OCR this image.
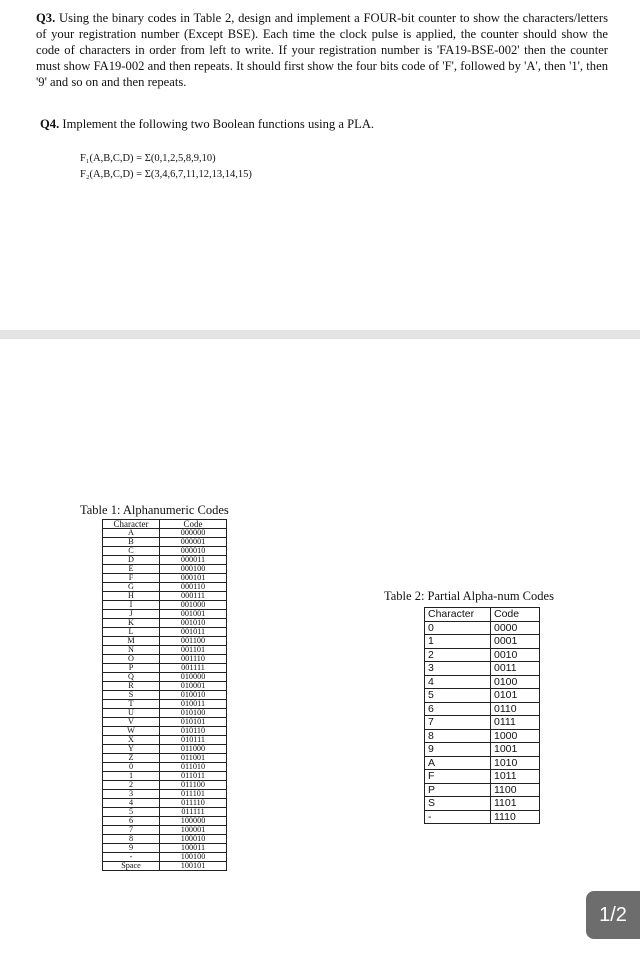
Q3. Using the binary codes in Table 2, design and implement a FOUR-bit counter to show the characters/letters of your registration number (Except BSE). Each time the clock pulse is applied, the counter should show the code of characters in order from left to write. If your registration number is 'FA19-BSE-002' then the counter must show FA19-002 and then repeats. It should first show the four bits code of 'F', followed by 'A', then '1', then '9' and so on and then repeats.
Q4. Implement the following two Boolean functions using a PLA.
F₁(A,B,C,D) = Σ(0,1,2,5,8,9,10)
F₂(A,B,C,D) = Σ(3,4,6,7,11,12,13,14,15)
Table 1: Alphanumeric Codes
Character	Code
A	000000
B	000001
C	000010
D	000011
E	000100
F	000101
G	000110
H	000111
I	001000
J	001001
K	001010
L	001011
M	001100
N	001101
O	001110
P	001111
Q	010000
R	010001
S	010010
T	010011
U	010100
V	010101
W	010110
X	010111
Y	011000
Z	011001
0	011010
1	011011
2	011100
3	011101
4	011110
5	011111
6	100000
7	100001
8	100010
9	100011
-	100100
Space	100101
Table 2: Partial Alpha-num Codes
Character	Code
0	0000
1	0001
2	0010
3	0011
4	0100
5	0101
6	0110
7	0111
8	1000
9	1001
A	1010
F	1011
P	1100
S	1101
-	1110
1/2
